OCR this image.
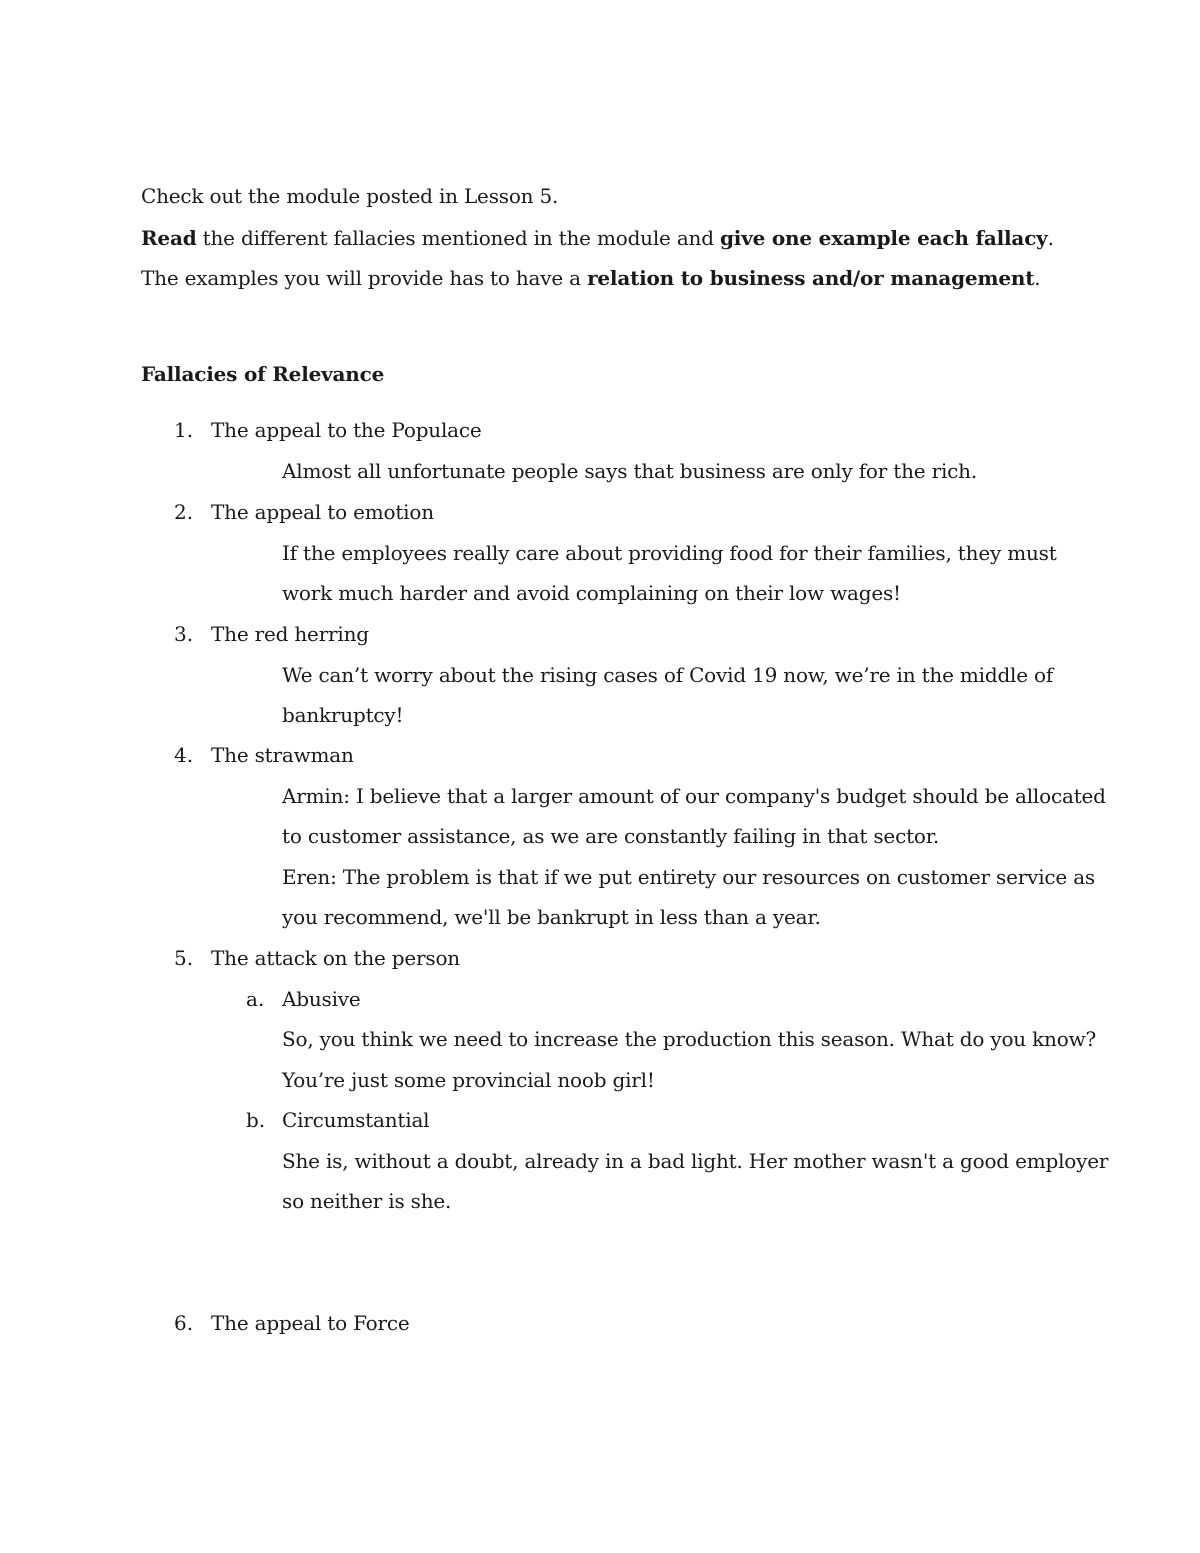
Check out the module posted in Lesson 5.
Read the different fallacies mentioned in the module and give one example each fallacy.
The examples you will provide has to have a relation to business and/or management.
Fallacies of Relevance
1. The appeal to the Populace
Almost all unfortunate people says that business are only for the rich.
2. The appeal to emotion
If the employees really care about providing food for their families, they must
work much harder and avoid complaining on their low wages!
3. The red herring
We can’t worry about the rising cases of Covid 19 now, we’re in the middle of
bankruptcy!
4. The strawman
Armin: I believe that a larger amount of our company's budget should be allocated
to customer assistance, as we are constantly failing in that sector.
Eren: The problem is that if we put entirety our resources on customer service as
you recommend, we'll be bankrupt in less than a year.
5. The attack on the person
a. Abusive
So, you think we need to increase the production this season. What do you know?
You’re just some provincial noob girl!
b. Circumstantial
She is, without a doubt, already in a bad light. Her mother wasn't a good employer
so neither is she.
6. The appeal to Force
